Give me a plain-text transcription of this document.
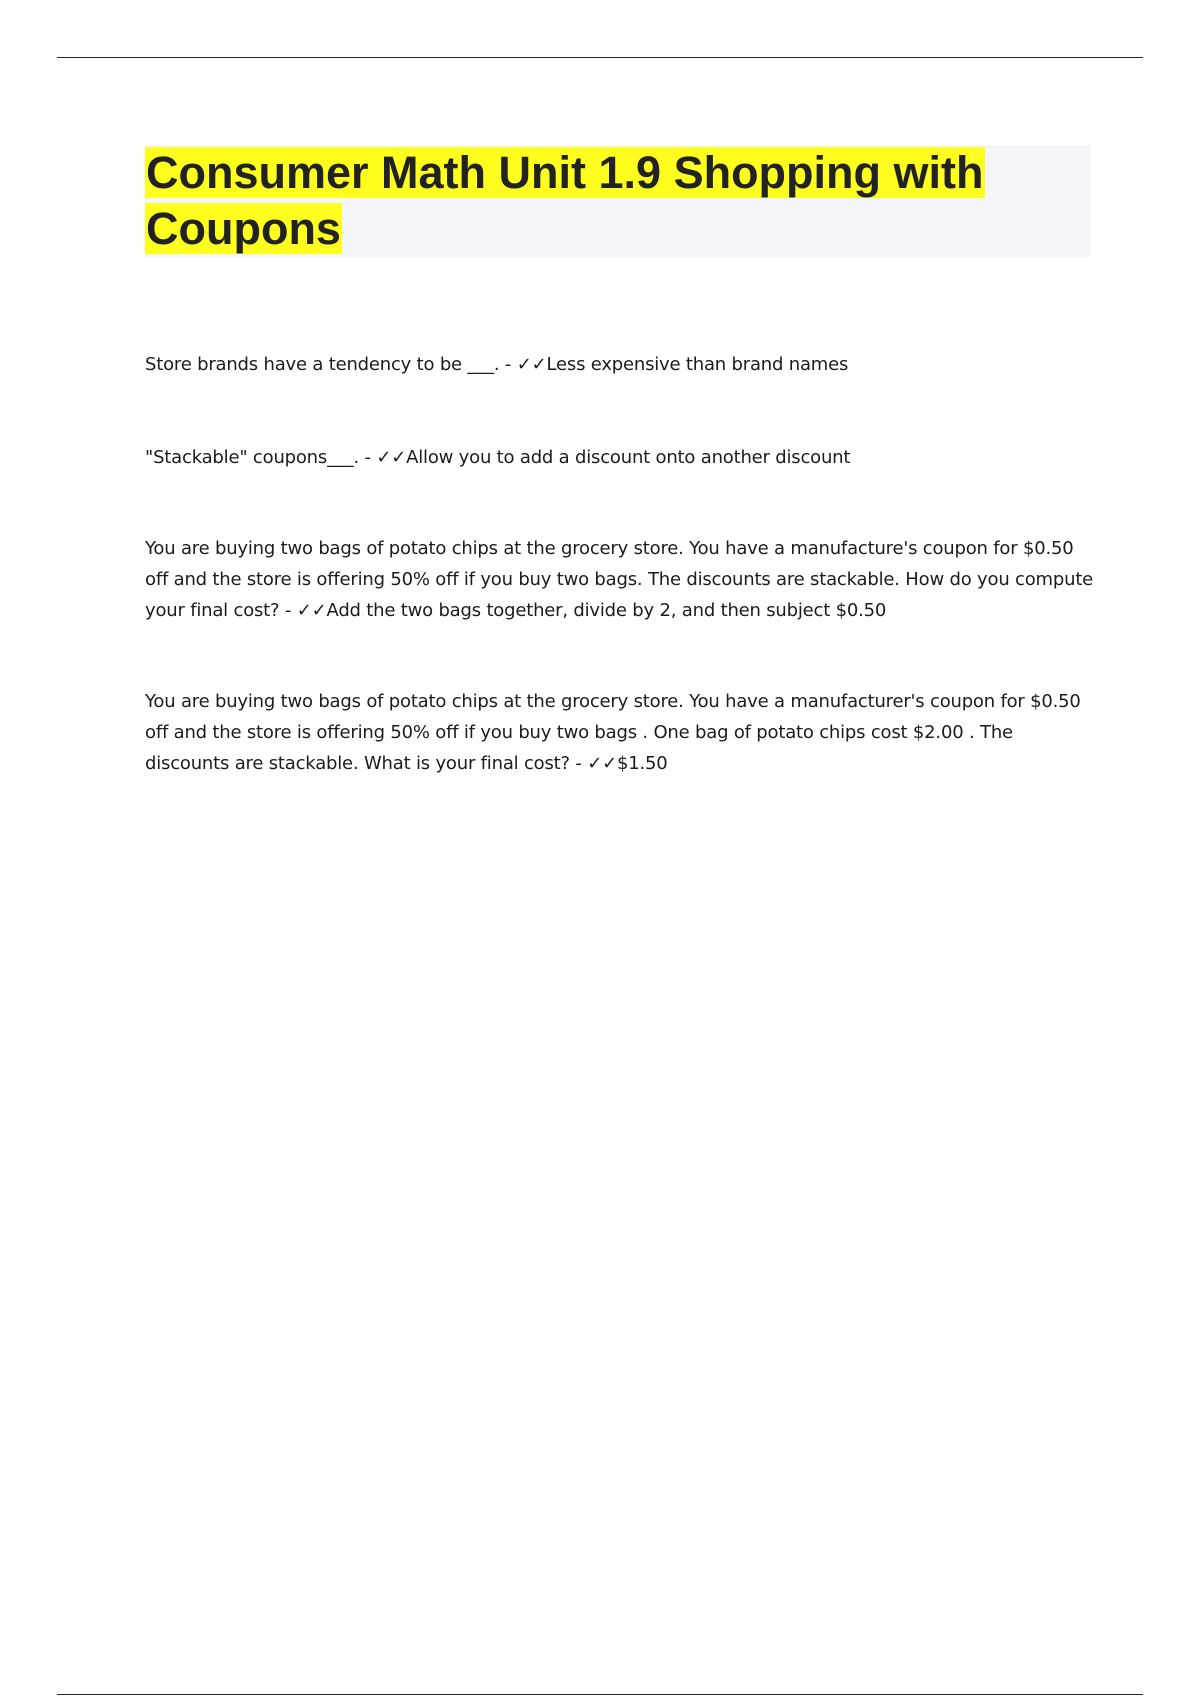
Consumer Math Unit 1.9 Shopping with Coupons

Store brands have a tendency to be ___. - ✓✓Less expensive than brand names

"Stackable" coupons___. - ✓✓Allow you to add a discount onto another discount

You are buying two bags of potato chips at the grocery store. You have a manufacture's coupon for $0.50 off and the store is offering 50% off if you buy two bags. The discounts are stackable. How do you compute your final cost? - ✓✓Add the two bags together, divide by 2, and then subject $0.50

You are buying two bags of potato chips at the grocery store. You have a manufacturer's coupon for $0.50 off and the store is offering 50% off if you buy two bags . One bag of potato chips cost $2.00 . The discounts are stackable. What is your final cost? - ✓✓$1.50
